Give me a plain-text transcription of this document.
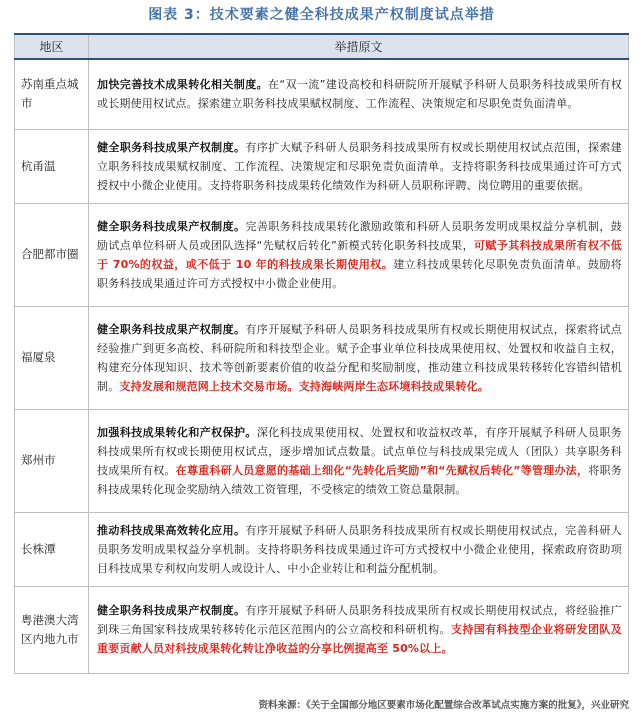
图表 3：技术要素之健全科技成果产权制度试点举措
地区	举措原文
苏南重点城市	加快完善技术成果转化相关制度。在“双一流”建设高校和科研院所开展赋予科研人员职务科技成果所有权或长期使用权试点。探索建立职务科技成果赋权制度、工作流程、决策规定和尽职免责负面清单。
杭甬温	健全职务科技成果产权制度。有序扩大赋予科研人员职务科技成果所有权或长期使用权试点范围，探索建立职务科技成果赋权制度、工作流程、决策规定和尽职免责负面清单。支持将职务科技成果通过许可方式授权中小微企业使用。支持将职务科技成果转化绩效作为科研人员职称评聘、岗位聘用的重要依据。
合肥都市圈	健全职务科技成果产权制度。完善职务科技成果转化激励政策和科研人员职务发明成果权益分享机制，鼓励试点单位科研人员或团队选择“先赋权后转化”新模式转化职务科技成果，可赋予其科技成果所有权不低于 70%的权益，或不低于 10 年的科技成果长期使用权。建立科技成果转化尽职免责负面清单。鼓励将职务科技成果通过许可方式授权中小微企业使用。
福厦泉	健全职务科技成果产权制度。有序开展赋予科研人员职务科技成果所有权或长期使用权试点，探索将试点经验推广到更多高校、科研院所和科技型企业。赋予企事业单位科技成果使用权、处置权和收益自主权，构建充分体现知识、技术等创新要素价值的收益分配和奖励制度，推动建立科技成果转移转化容错纠错机制。支持发展和规范网上技术交易市场。支持海峡两岸生态环境科技成果转化。
郑州市	加强科技成果转化和产权保护。深化科技成果使用权、处置权和收益权改革，有序开展赋予科研人员职务科技成果所有权或长期使用权试点，逐步增加试点数量。试点单位与科技成果完成人（团队）共享职务科技成果所有权。在尊重科研人员意愿的基础上细化“先转化后奖励”和“先赋权后转化”等管理办法，将职务科技成果转化现金奖励纳入绩效工资管理，不受核定的绩效工资总量限制。
长株潭	推动科技成果高效转化应用。有序开展赋予科研人员职务科技成果所有权或长期使用权试点，完善科研人员职务发明成果权益分享机制。支持将职务科技成果通过许可方式授权中小微企业使用，探索政府资助项目科技成果专利权向发明人或设计人、中小企业转让和利益分配机制。
粤港澳大湾区内地九市	健全职务科技成果产权制度。有序开展赋予科研人员职务科技成果所有权或长期使用权试点，将经验推广到珠三角国家科技成果转移转化示范区范围内的公立高校和科研机构。支持国有科技型企业将研发团队及重要贡献人员对科技成果转化转让净收益的分享比例提高至 50%以上。
资料来源：《关于全国部分地区要素市场化配置综合改革试点实施方案的批复》，兴业研究
